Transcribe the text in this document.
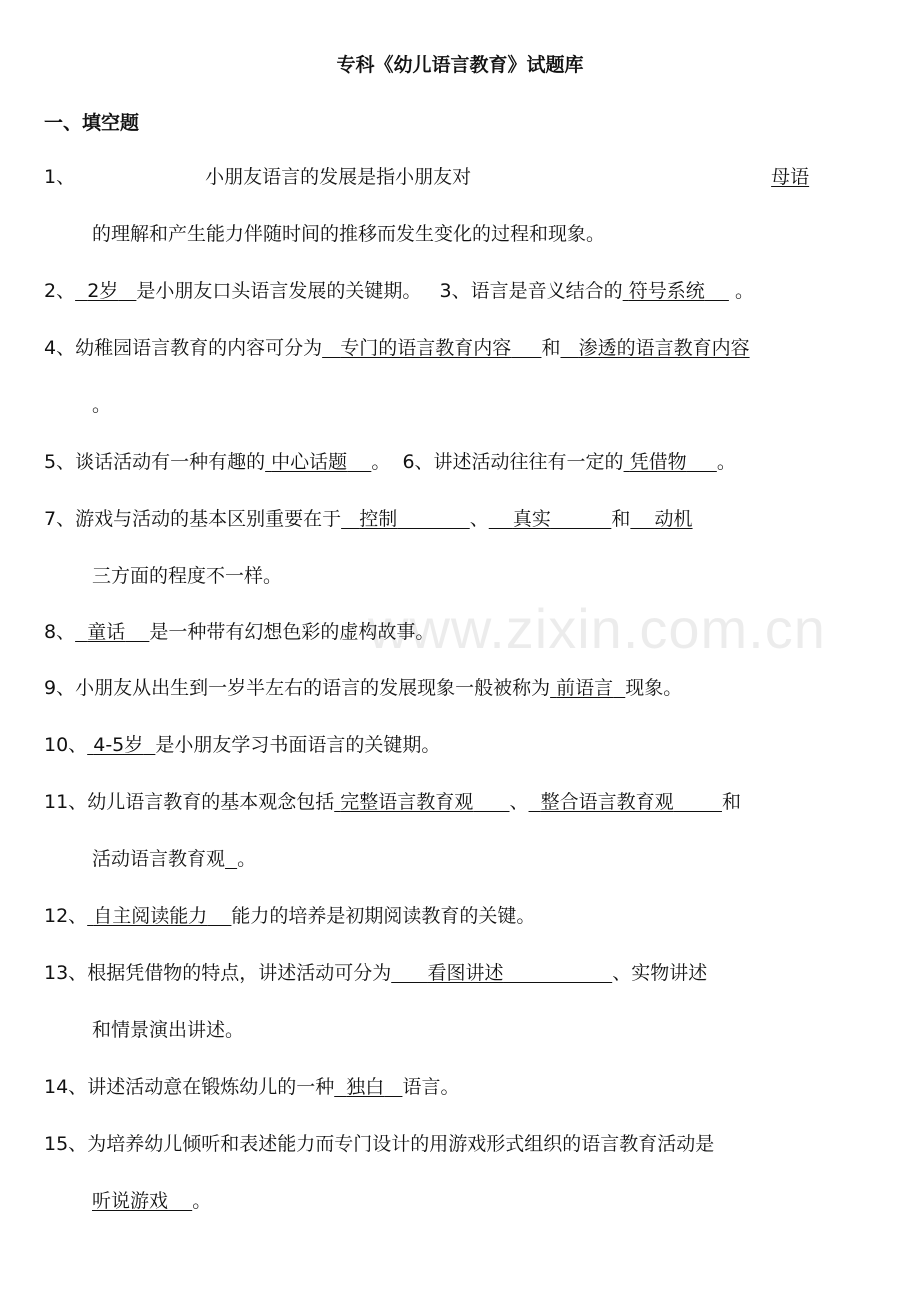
专科《幼儿语言教育》试题库
一、填空题
1、	小朋友语言的发展是指小朋友对	母语
的理解和产生能力伴随时间的推移而发生变化的过程和现象。
2、 2岁 是小朋友口头语言发展的关键期。 3、语言是音义结合的 符号系统 。
4、幼稚园语言教育的内容可分为 专门的语言教育内容 和 渗透的语言教育内容
。
5、谈话活动有一种有趣的 中心话题 。 6、讲述活动往往有一定的 凭借物 。
7、游戏与活动的基本区别重要在于 控制	、 真实	和 动机
三方面的程度不一样。
www.zixin.com.cn
8、 童话 是一种带有幻想色彩的虚构故事。
9、小朋友从出生到一岁半左右的语言的发展现象一般被称为 前语言 现象。
10、 4-5岁 是小朋友学习书面语言的关键期。
11、幼儿语言教育的基本观念包括 完整语言教育观 、 整合语言教育观	和
活动语言教育观 。
12、 自主阅读能力 能力的培养是初期阅读教育的关键。
13、根据凭借物的特点，讲述活动可分为 看图讲述	、实物讲述
和情景演出讲述。
14、讲述活动意在锻炼幼儿的一种 独白 语言。
15、为培养幼儿倾听和表述能力而专门设计的用游戏形式组织的语言教育活动是
听说游戏 。
